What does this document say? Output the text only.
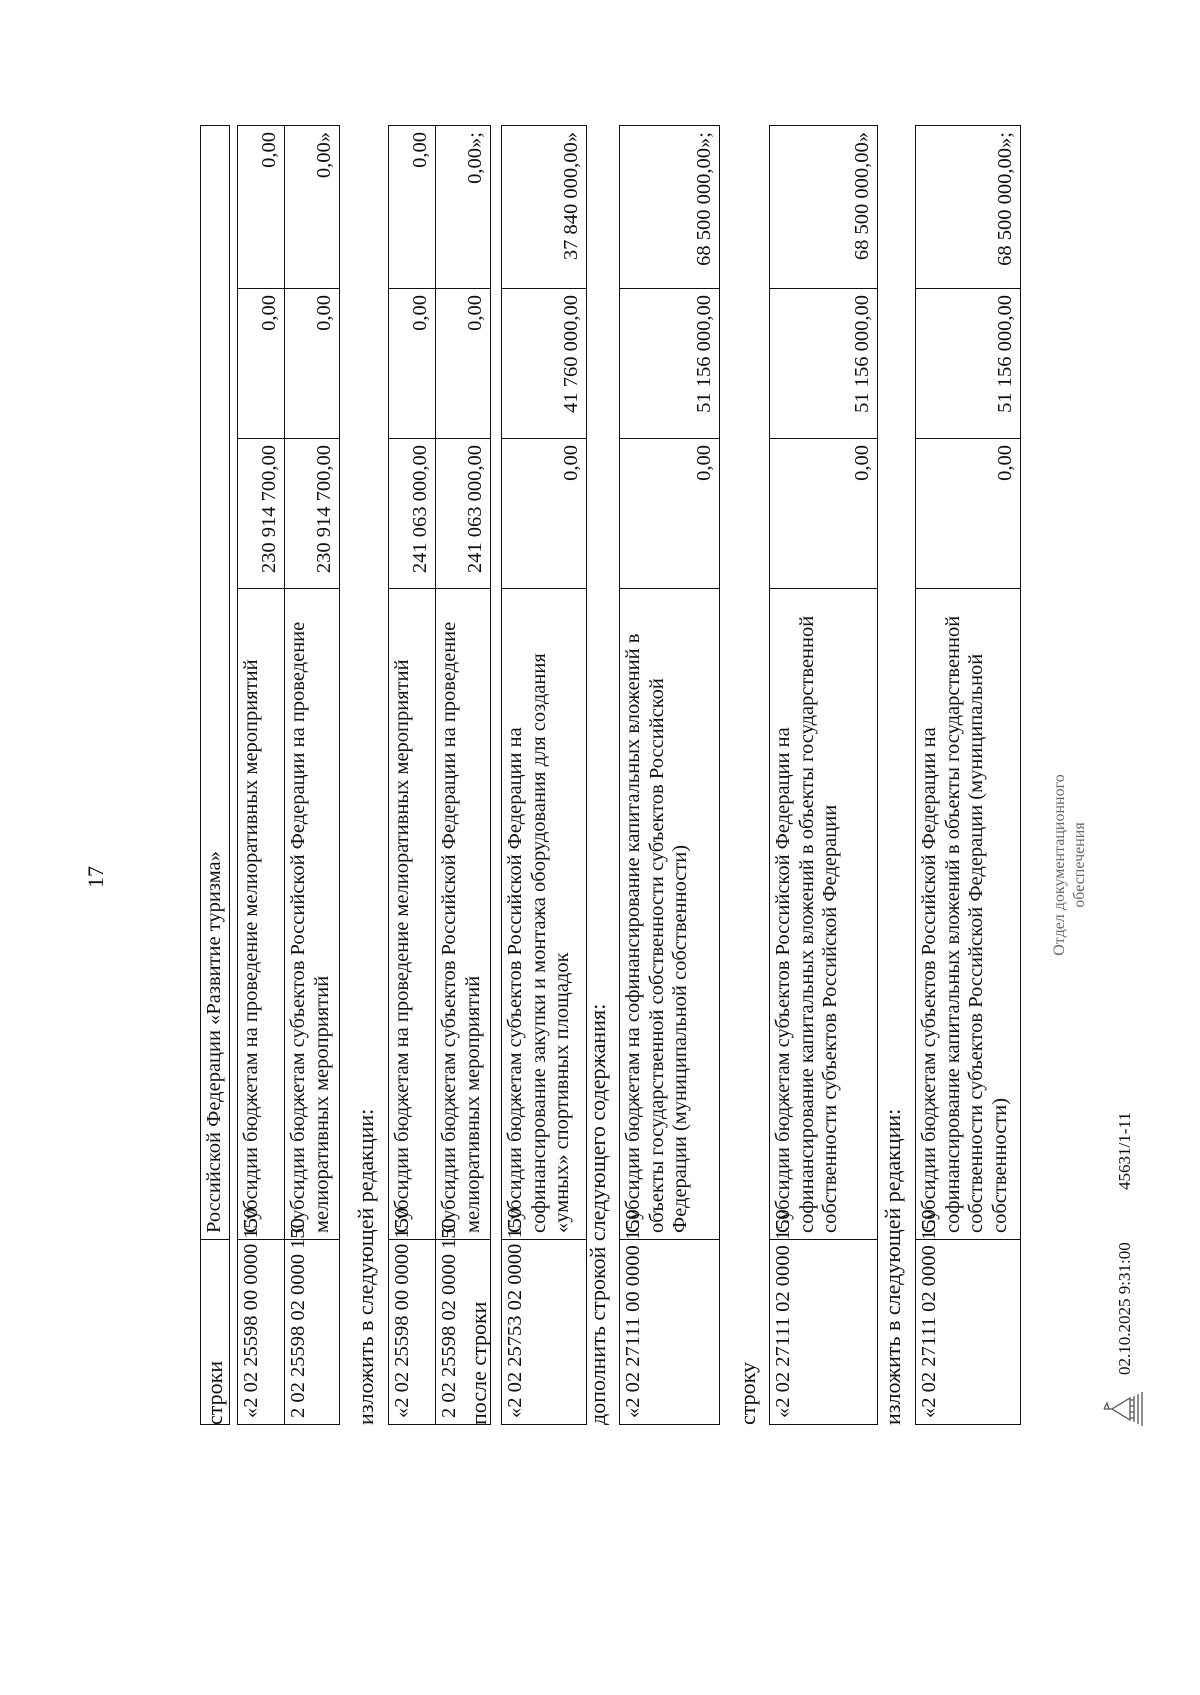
17
		Российской Федерации «Развитие туризма»
строки «2 02 25598 00 0000 150	Субсидии бюджетам на проведение мелиоративных мероприятий	230 914 700,00	0,00	0,00
2 02 25598 02 0000 150	Субсидии бюджетам субъектов Российской Федерации на проведение мелиоративных мероприятий	230 914 700,00	0,00	0,00»
изложить в следующей редакции: «2 02 25598 00 0000 150	Субсидии бюджетам на проведение мелиоративных мероприятий	241 063 000,00	0,00	0,00
2 02 25598 02 0000 150	Субсидии бюджетам субъектов Российской Федерации на проведение мелиоративных мероприятий	241 063 000,00	0,00	0,00»;
после строки «2 02 25753 02 0000 150	Субсидии бюджетам субъектов Российской Федерации на софинансирование закупки и монтажа оборудования для создания «умных» спортивных площадок	0,00	41 760 000,00	37 840 000,00»
дополнить строкой следующего содержания: «2 02 27111 00 0000 150	Субсидии бюджетам на софинансирование капитальных вложений в объекты государственной собственности субъектов Российской Федерации (муниципальной собственности)	0,00	51 156 000,00	68 500 000,00»;
строку «2 02 27111 02 0000 150	Субсидии бюджетам субъектов Российской Федерации на софинансирование капитальных вложений в объекты государственной собственности субъектов Российской Федерации	0,00	51 156 000,00	68 500 000,00»
изложить в следующей редакции: «2 02 27111 02 0000 150	Субсидии бюджетам субъектов Российской Федерации на софинансирование капитальных вложений в объекты государственной собственности субъектов Российской Федерации (муниципальной собственности)	0,00	51 156 000,00	68 500 000,00»;
02.10.2025 9:31:00
45631/1-11
Отдел документационного обеспечения
